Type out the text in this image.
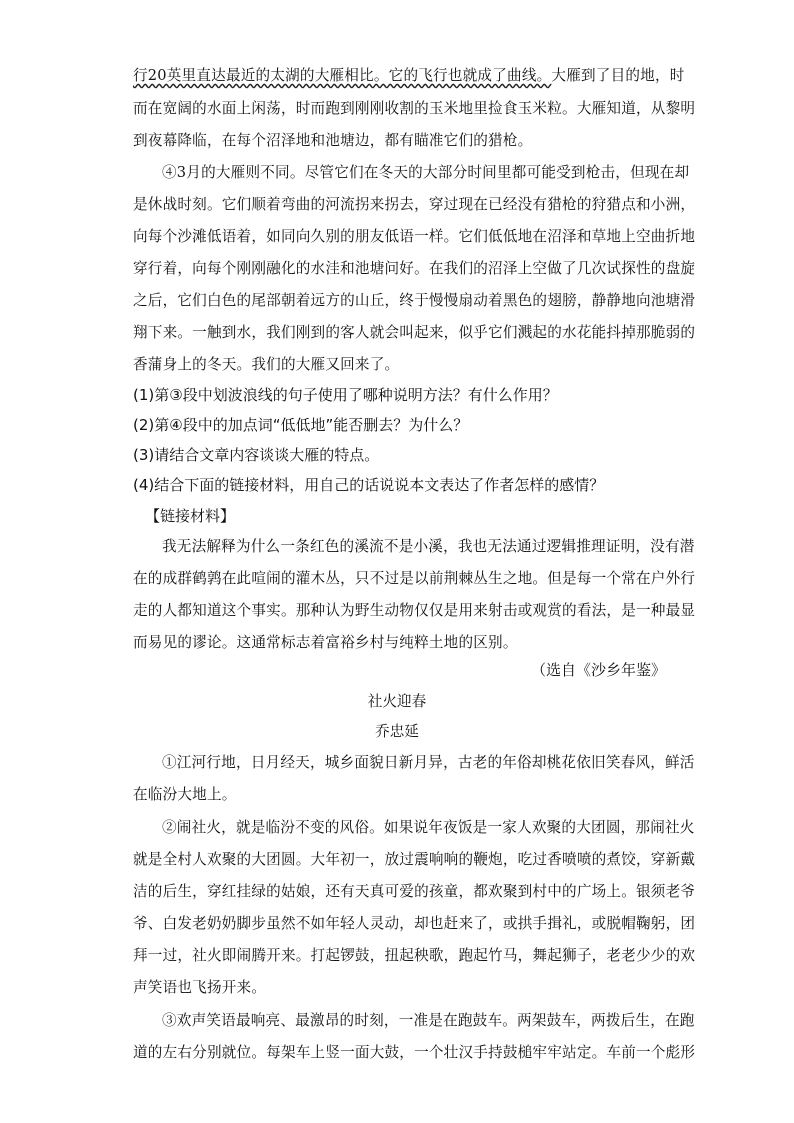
行20英里直达最近的太湖的大雁相比。它的飞行也就成了曲线。大雁到了目的地，时
而在宽阔的水面上闲荡，时而跑到刚刚收割的玉米地里捡食玉米粒。大雁知道，从黎明
到夜幕降临，在每个沼泽地和池塘边，都有瞄准它们的猎枪。
④3月的大雁则不同。尽管它们在冬天的大部分时间里都可能受到枪击，但现在却
是休战时刻。它们顺着弯曲的河流拐来拐去，穿过现在已经没有猎枪的狩猎点和小洲，
向每个沙滩低语着，如同向久别的朋友低语一样。它们低低地在沼泽和草地上空曲折地
穿行着，向每个刚刚融化的水洼和池塘问好。在我们的沼泽上空做了几次试探性的盘旋
之后，它们白色的尾部朝着远方的山丘，终于慢慢扇动着黑色的翅膀，静静地向池塘滑
翔下来。一触到水，我们刚到的客人就会叫起来，似乎它们溅起的水花能抖掉那脆弱的
香蒲身上的冬天。我们的大雁又回来了。
(1)第③段中划波浪线的句子使用了哪种说明方法？有什么作用？
(2)第④段中的加点词“低低地”能否删去？为什么？
(3)请结合文章内容谈谈大雁的特点。
(4)结合下面的链接材料，用自己的话说说本文表达了作者怎样的感情？
【链接材料】
我无法解释为什么一条红色的溪流不是小溪，我也无法通过逻辑推理证明，没有潜
在的成群鹤鹑在此喧闹的灌木丛，只不过是以前荆棘丛生之地。但是每一个常在户外行
走的人都知道这个事实。那种认为野生动物仅仅是用来射击或观赏的看法，是一种最显
而易见的谬论。这通常标志着富裕乡村与纯粹土地的区别。
（选自《沙乡年鉴》
社火迎春
乔忠延
①江河行地，日月经天，城乡面貌日新月异，古老的年俗却桃花依旧笑春风，鲜活
在临汾大地上。
②闹社火，就是临汾不变的风俗。如果说年夜饭是一家人欢聚的大团圆，那闹社火
就是全村人欢聚的大团圆。大年初一，放过震响响的鞭炮，吃过香喷喷的煮饺，穿新戴
洁的后生，穿红挂绿的姑娘，还有天真可爱的孩童，都欢聚到村中的广场上。银须老爷
爷、白发老奶奶脚步虽然不如年轻人灵动，却也赶来了，或拱手揖礼，或脱帽鞠躬，团
拜一过，社火即闹腾开来。打起锣鼓，扭起秧歌，跑起竹马，舞起狮子，老老少少的欢
声笑语也飞扬开来。
③欢声笑语最响亮、最激昂的时刻，一准是在跑鼓车。两架鼓车，两拨后生，在跑
道的左右分别就位。每架车上竖一面大鼓，一个壮汉手持鼓槌牢牢站定。车前一个彪形
